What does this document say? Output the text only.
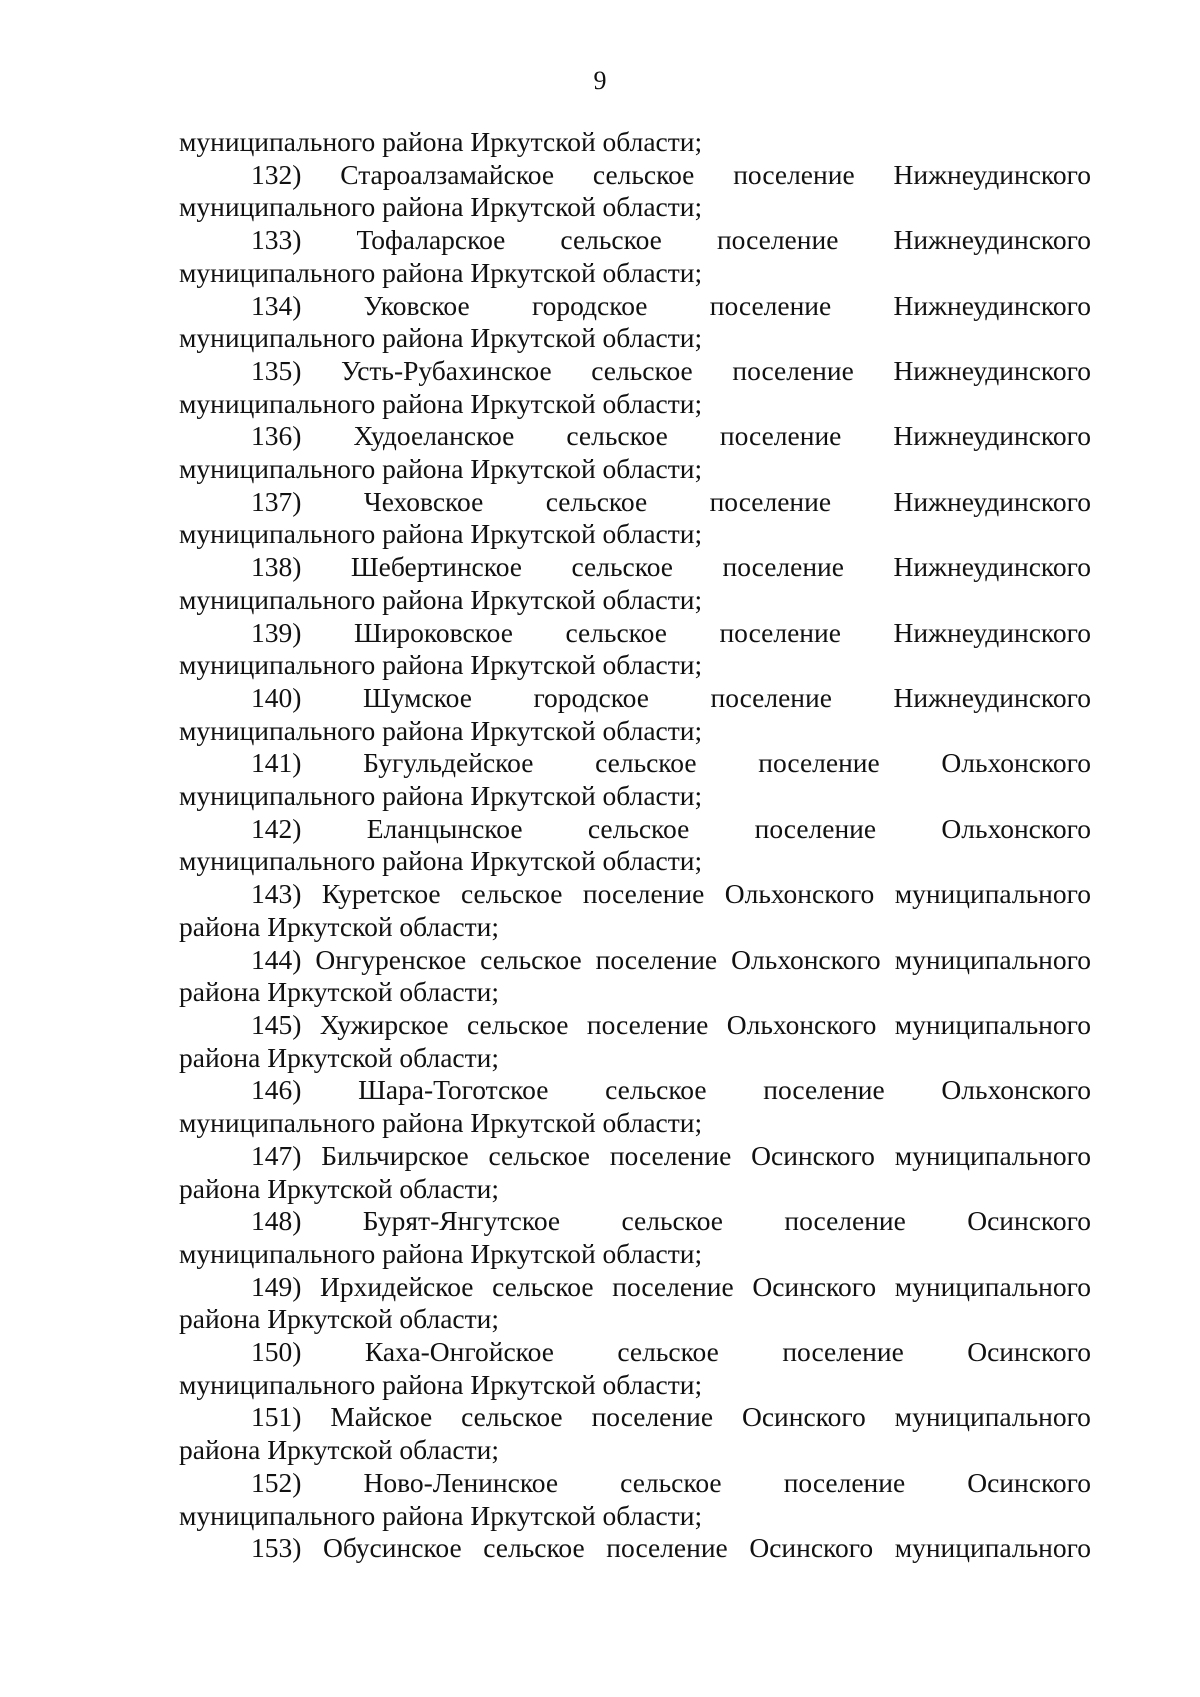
9

муниципального района Иркутской области;

132) Староалзамайское сельское поселение Нижнеудинского
муниципального района Иркутской области;

133) Тофаларское сельское поселение Нижнеудинского
муниципального района Иркутской области;

134) Уковское городское поселение Нижнеудинского
муниципального района Иркутской области;

135) Усть-Рубахинское сельское поселение Нижнеудинского
муниципального района Иркутской области;

136) Худоеланское сельское поселение Нижнеудинского
муниципального района Иркутской области;

137) Чеховское сельское поселение Нижнеудинского
муниципального района Иркутской области;

138) Шебертинское сельское поселение Нижнеудинского
муниципального района Иркутской области;

139) Широковское сельское поселение Нижнеудинского
муниципального района Иркутской области;

140) Шумское городское поселение Нижнеудинского
муниципального района Иркутской области;

141) Бугульдейское сельское поселение Ольхонского
муниципального района Иркутской области;

142) Еланцынское сельское поселение Ольхонского
муниципального района Иркутской области;

143) Куретское сельское поселение Ольхонского муниципального
района Иркутской области;

144) Онгуренское сельское поселение Ольхонского муниципального
района Иркутской области;

145) Хужирское сельское поселение Ольхонского муниципального
района Иркутской области;

146) Шара-Тоготское сельское поселение Ольхонского
муниципального района Иркутской области;

147) Бильчирское сельское поселение Осинского муниципального
района Иркутской области;

148) Бурят-Янгутское сельское поселение Осинского
муниципального района Иркутской области;

149) Ирхидейское сельское поселение Осинского муниципального
района Иркутской области;

150) Каха-Онгойское сельское поселение Осинского
муниципального района Иркутской области;

151) Майское сельское поселение Осинского муниципального
района Иркутской области;

152) Ново-Ленинское сельское поселение Осинского
муниципального района Иркутской области;

153) Обусинское сельское поселение Осинского муниципального
